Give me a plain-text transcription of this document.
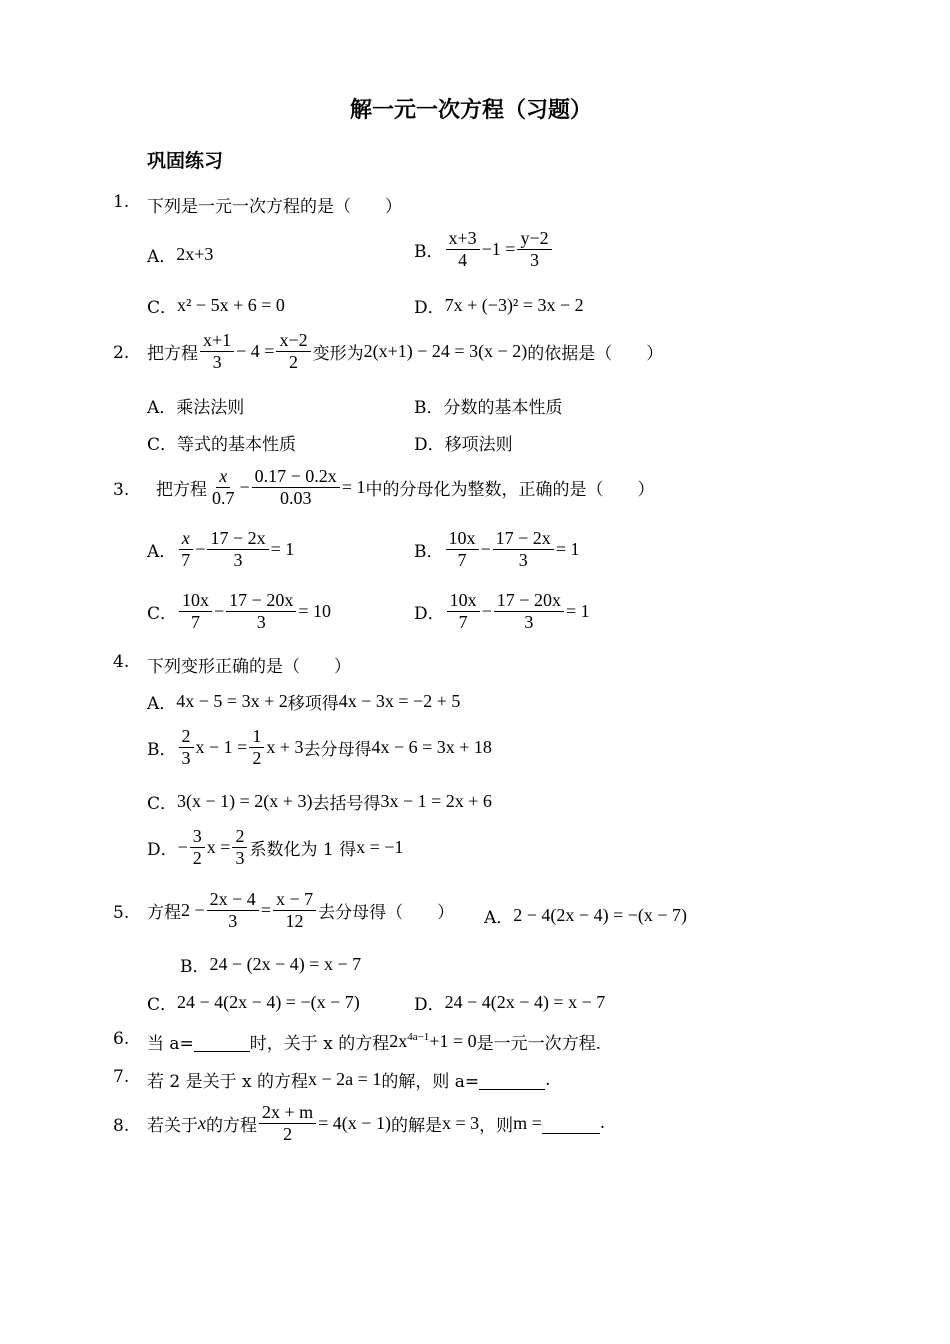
解一元一次方程（习题）
巩固练习
1. 下列是一元一次方程的是（　　）
A． 2x+3	B． $\frac{x+3}{4} -1 = \frac{y-2}{3}$
C． x² − 5x + 6 = 0	D． 7x + (−3)² = 3x − 2
2. 把方程 $\frac{x+1}{3} - 4 = \frac{x-2}{2}$ 变形为 2(x+1) − 24 = 3(x − 2) 的依据是（　　）
A．乘法法则	B．分数的基本性质
C．等式的基本性质	D．移项法则
3. 把方程 $\frac{x}{0.7} - \frac{0.17 - 0.2x}{0.03} = 1$ 中的分母化为整数，正确的是（　　）
A． $\frac{x}{7} - \frac{17 - 2x}{3} = 1$	B． $\frac{10x}{7} - \frac{17 - 2x}{3} = 1$
C． $\frac{10x}{7} - \frac{17 - 20x}{3} = 10$	D． $\frac{10x}{7} - \frac{17 - 20x}{3} = 1$
4. 下列变形正确的是（　　）
A． 4x − 5 = 3x + 2 移项得 4x − 3x = −2 + 5
B． $\frac{2}{3}$ $x - 1 = \frac{1}{2}$ x + 3 去分母得 4x − 6 = 3x + 18
C． 3(x − 1) = 2(x + 3) 去括号得 3x − 1 = 2x + 6
D． − $\frac{3}{2}$ $x = \frac{2}{3}$ 系数化为 1 得 x = −1
5. 方程 $2 - \frac{2x - 4}{3} = \frac{x - 7}{12}$ 去分母得（　　） A． 2 − 4(2x − 4) = −(x − 7)
B． 24 − (2x − 4) = x − 7
C． 24 − 4(2x − 4) = −(x − 7)	D． 24 − 4(2x − 4) = x − 7
6. 当 a=
	时，关于 x 的方程 $2x^{4a-1}+1 = 0$ 是一元一次方程.
7. 若 2 是关于 x 的方程 x − 2a = 1 的解，则 a=
	.
8. 若关于 x 的方程 $\frac{2x + m}{2} = 4(x - 1)$ 的解是 x = 3 ，则 m =
	.
